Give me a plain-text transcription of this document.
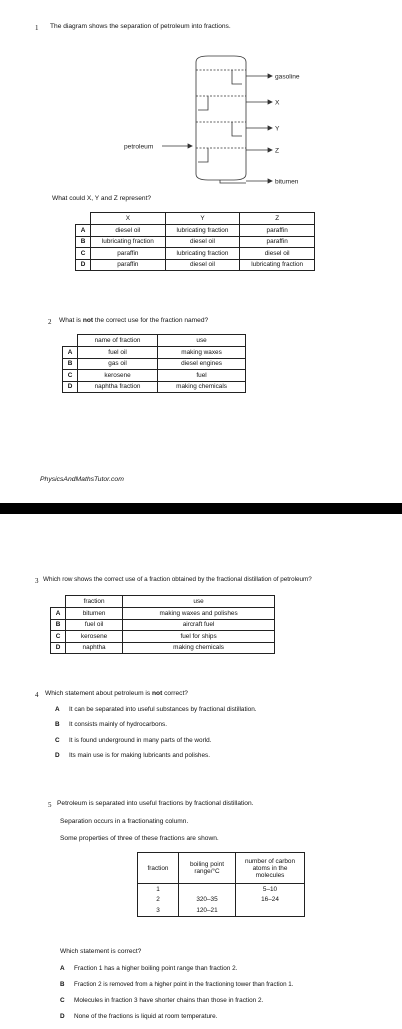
1 The diagram shows the separation of petroleum into fractions.
gasoline
X
Y
Z
bitumen
petroleum
What could X, Y and Z represent?
	X	Y	Z
A	diesel oil	lubricating fraction	paraffin
B	lubricating fraction	diesel oil	paraffin
C	paraffin	lubricating fraction	diesel oil
D	paraffin	diesel oil	lubricating fraction
2 What is not the correct use for the fraction named?
	name of fraction	use
A	fuel oil	making waxes
B	gas oil	diesel engines
C	kerosene	fuel
D	naphtha fraction	making chemicals
PhysicsAndMathsTutor.com
3 Which row shows the correct use of a fraction obtained by the fractional distillation of petroleum?
	fraction	use
A	bitumen	making waxes and polishes
B	fuel oil	aircraft fuel
C	kerosene	fuel for ships
D	naphtha	making chemicals
4 Which statement about petroleum is not correct?
A It can be separated into useful substances by fractional distillation.
B It consists mainly of hydrocarbons.
C It is found underground in many parts of the world.
D Its main use is for making lubricants and polishes.
5 Petroleum is separated into useful fractions by fractional distillation.
Separation occurs in a fractionating column.
Some properties of three of these fractions are shown.
fraction	boiling point range/°C	number of carbon atoms in the molecules
1		5–10
2	320–35	16–24
3	120–21	
Which statement is correct?
A Fraction 1 has a higher boiling point range than fraction 2.
B Fraction 2 is removed from a higher point in the fractioning tower than fraction 1.
C Molecules in fraction 3 have shorter chains than those in fraction 2.
D None of the fractions is liquid at room temperature.
